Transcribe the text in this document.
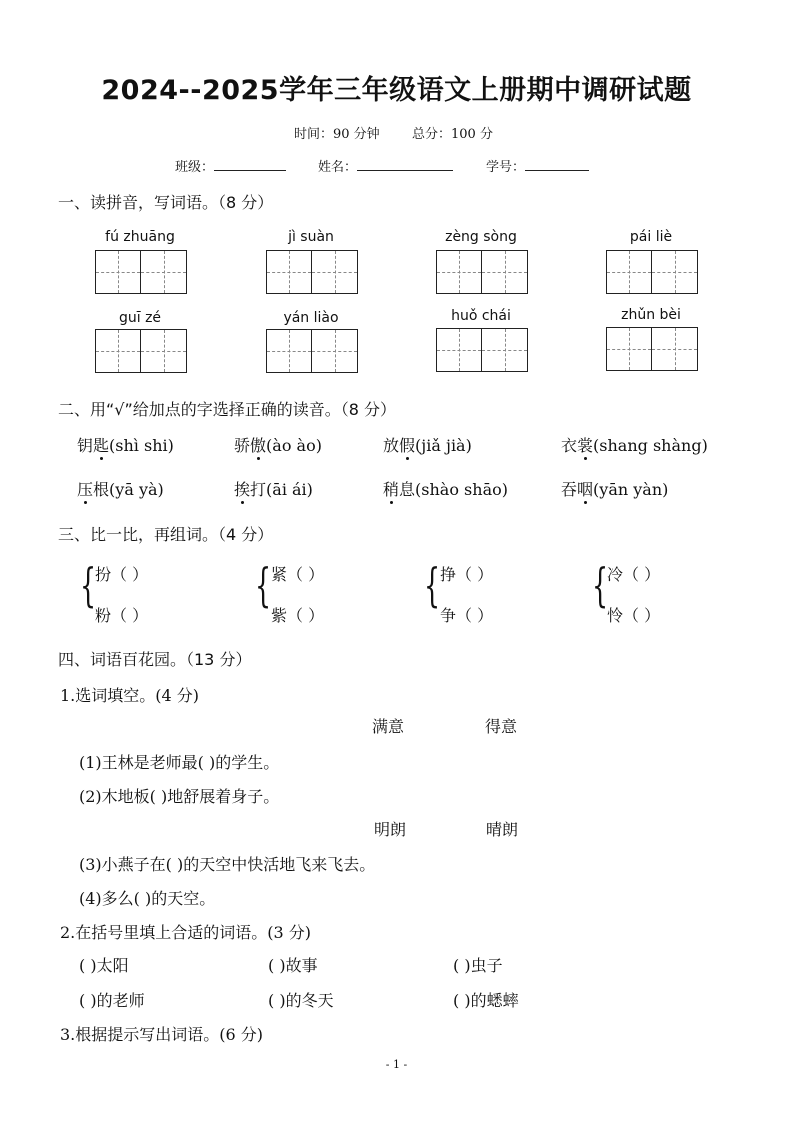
2024--2025学年三年级语文上册期中调研试题
时间：90 分钟 总分：100 分
班级：	姓名：	学号：
一、读拼音，写词语。（8 分）
fú zhuāng	jì suàn	zèng sòng	pái liè
guī zé	yán liào	huǒ chái	zhǔn bèi
二、用“√”给加点的字选择正确的读音。（8 分）
钥匙(shì shi)	骄傲(ào ào)	放假(jiǎ jià)	衣裳(shang shàng)
压根(yā yà)	挨打(āi ái)	稍息(shào shāo)	吞咽(yān yàn)
三、比一比，再组词。（4 分）
{
扮（ ）
粉（ ）
{ 紧（ ）
紫（ ）
{ 挣（ ）
争（ ）
{
冷（ ）
怜（ ）
四、词语百花园。（13 分）
1.选词填空。(4 分)
满意	得意
(1)王林是老师最( )的学生。
(2)木地板( )地舒展着身子。
明朗	晴朗
(3)小燕子在( )的天空中快活地飞来飞去。
(4)多么( )的天空。
2.在括号里填上合适的词语。(3 分)
( )太阳	( )故事	( )虫子
( )的老师	( )的冬天	( )的蟋蟀
3.根据提示写出词语。(6 分)
- 1 -
